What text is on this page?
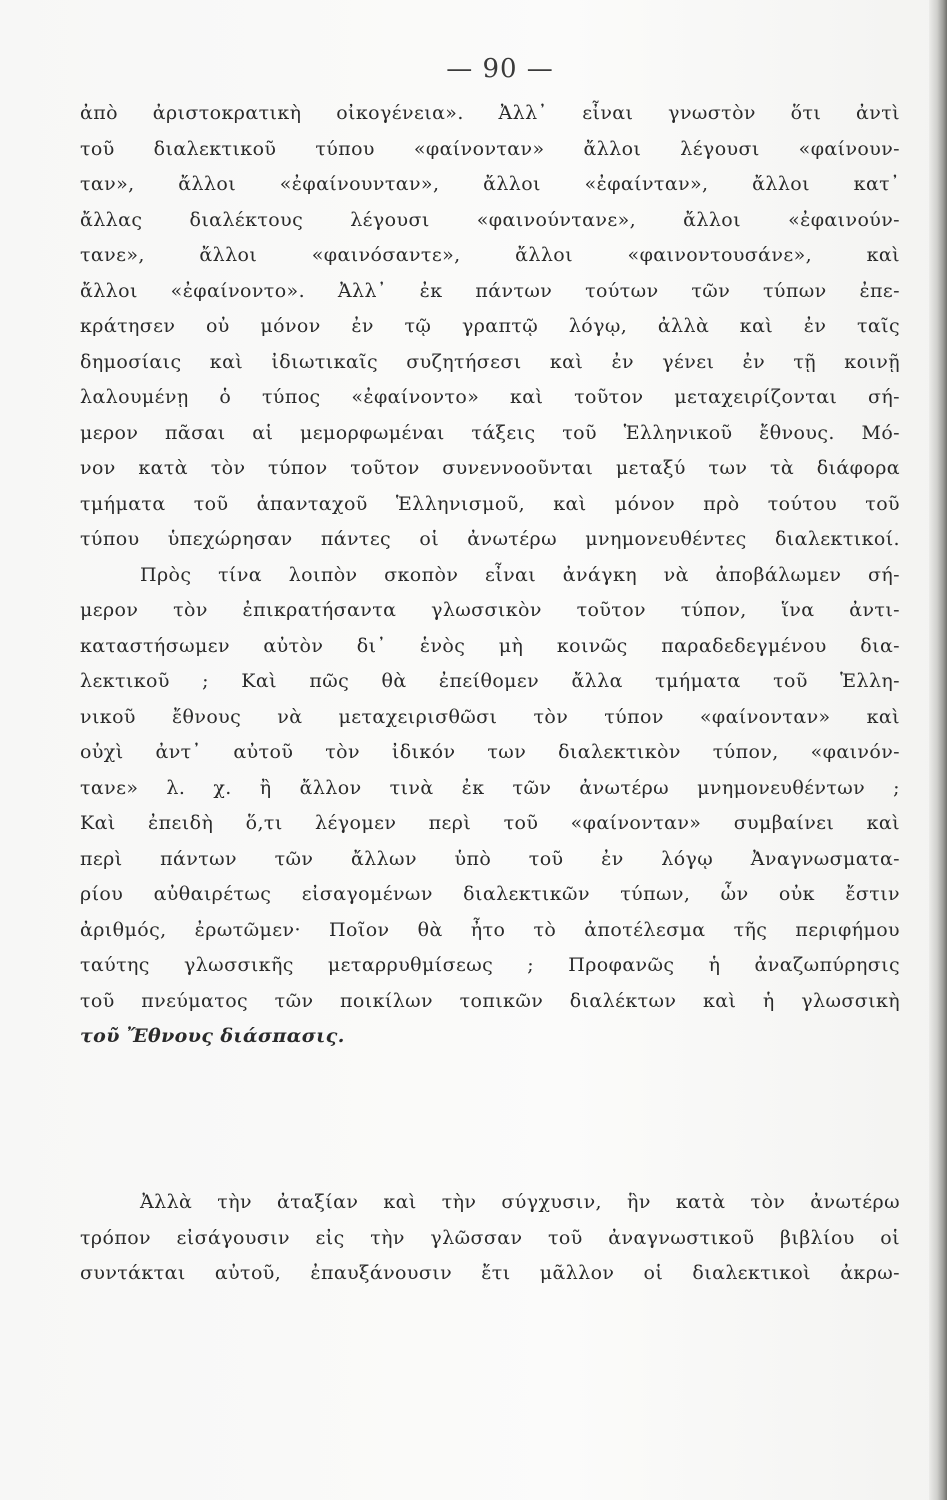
— 90 —
ἀπὸ ἀριστοκρατικὴ οἰκογένεια». Ἀλλ᾽ εἶναι γνωστὸν ὅτι ἀντὶ
τοῦ διαλεκτικοῦ τύπου «φαίνονταν» ἄλλοι λέγουσι «φαίνουν-
ταν», ἄλλοι «ἐφαίνουνταν», ἄλλοι «ἐφαίνταν», ἄλλοι κατ᾽
ἄλλας διαλέκτους λέγουσι «φαινούντανε», ἄλλοι «ἐφαινούν-
τανε», ἄλλοι «φαινόσαντε», ἄλλοι «φαινοντουσάνε», καὶ
ἄλλοι «ἐφαίνοντο». Ἀλλ᾽ ἐκ πάντων τούτων τῶν τύπων ἐπε-
κράτησεν οὐ μόνον ἐν τῷ γραπτῷ λόγῳ, ἀλλὰ καὶ ἐν ταῖς
δημοσίαις καὶ ἰδιωτικαῖς συζητήσεσι καὶ ἐν γένει ἐν τῇ κοινῇ
λαλουμένῃ ὁ τύπος «ἐφαίνοντο» καὶ τοῦτον μεταχειρίζονται σή-
μερον πᾶσαι αἱ μεμορφωμέναι τάξεις τοῦ Ἑλληνικοῦ ἔθνους. Μό-
νον κατὰ τὸν τύπον τοῦτον συνεννοοῦνται μεταξύ των τὰ διάφορα
τμήματα τοῦ ἁπανταχοῦ Ἑλληνισμοῦ, καὶ μόνον πρὸ τούτου τοῦ
τύπου ὑπεχώρησαν πάντες οἱ ἀνωτέρω μνημονευθέντες διαλεκτικοί.
Πρὸς τίνα λοιπὸν σκοπὸν εἶναι ἀνάγκη νὰ ἀποβάλωμεν σή-
μερον τὸν ἐπικρατήσαντα γλωσσικὸν τοῦτον τύπον, ἵνα ἀντι-
καταστήσωμεν αὐτὸν δι᾽ ἑνὸς μὴ κοινῶς παραδεδεγμένου δια-
λεκτικοῦ ; Καὶ πῶς θὰ ἐπείθομεν ἄλλα τμήματα τοῦ Ἑλλη-
νικοῦ ἔθνους νὰ μεταχειρισθῶσι τὸν τύπον «φαίνονταν» καὶ
οὐχὶ ἀντ᾽ αὐτοῦ τὸν ἰδικόν των διαλεκτικὸν τύπον, «φαινόν-
τανε» λ. χ. ἢ ἄλλον τινὰ ἐκ τῶν ἀνωτέρω μνημονευθέντων ;
Καὶ ἐπειδὴ ὅ,τι λέγομεν περὶ τοῦ «φαίνονταν» συμβαίνει καὶ
περὶ πάντων τῶν ἄλλων ὑπὸ τοῦ ἐν λόγῳ Ἀναγνωσματα-
ρίου αὐθαιρέτως εἰσαγομένων διαλεκτικῶν τύπων, ὧν οὐκ ἔστιν
ἀριθμός, ἐρωτῶμεν· Ποῖον θὰ ἦτο τὸ ἀποτέλεσμα τῆς περιφήμου
ταύτης γλωσσικῆς μεταρρυθμίσεως ; Προφανῶς ἡ ἀναζωπύρησις
τοῦ πνεύματος τῶν ποικίλων τοπικῶν διαλέκτων καὶ ἡ γλωσσικὴ
τοῦ Ἔθνους διάσπασις.
Ἀλλὰ τὴν ἀταξίαν καὶ τὴν σύγχυσιν, ἣν κατὰ τὸν ἀνωτέρω
τρόπον εἰσάγουσιν εἰς τὴν γλῶσσαν τοῦ ἀναγνωστικοῦ βιβλίου οἱ
συντάκται αὐτοῦ, ἐπαυξάνουσιν ἔτι μᾶλλον οἱ διαλεκτικοὶ ἀκρω-
